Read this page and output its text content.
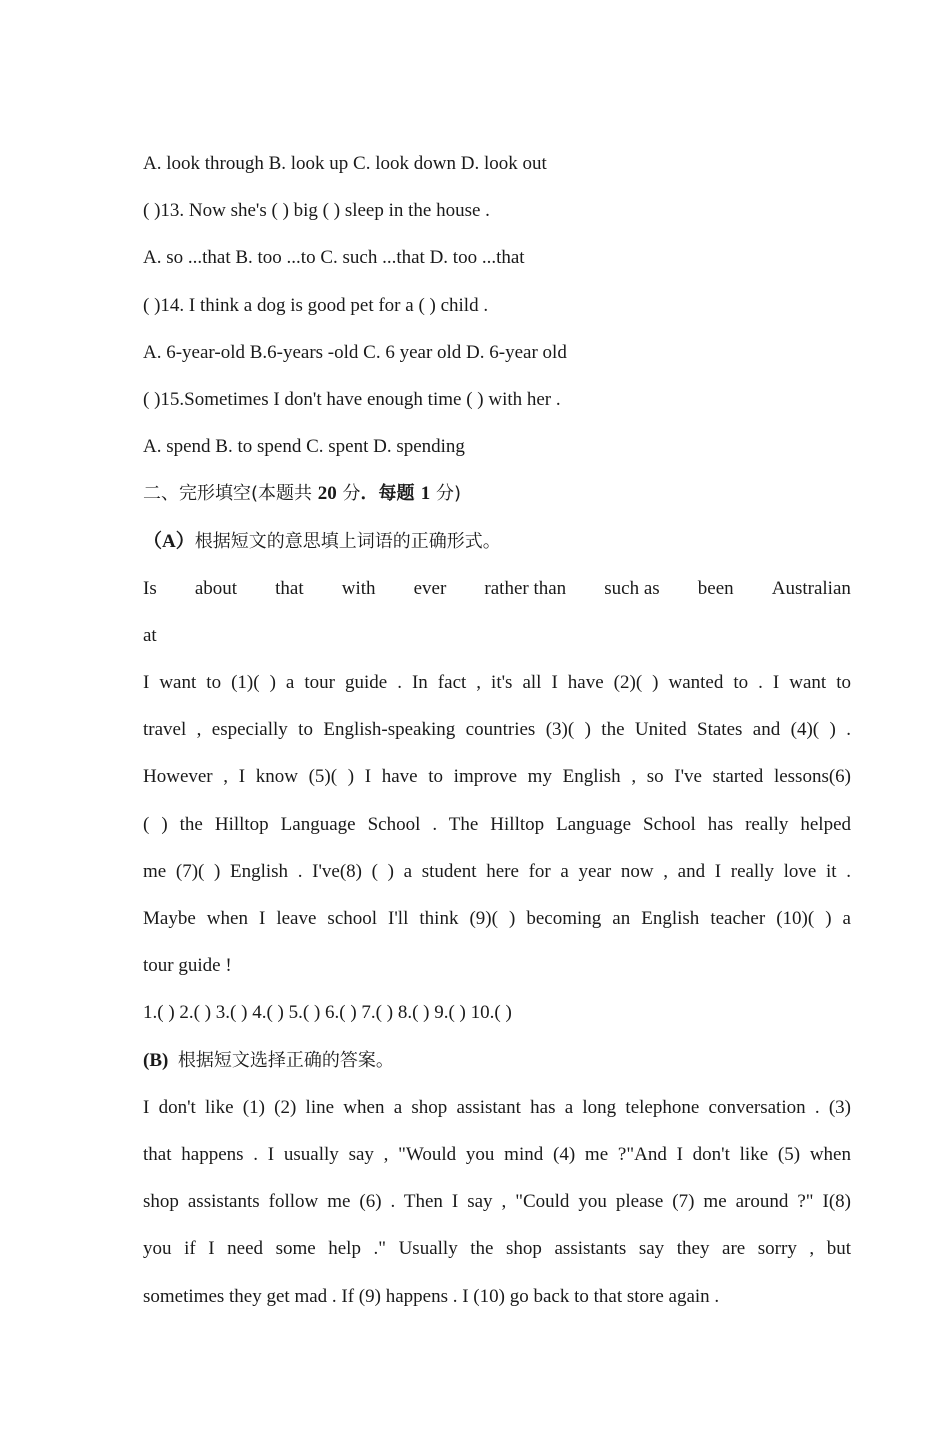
A. look through B. look up C. look down D. look out
( )13. Now she's ( ) big ( ) sleep in the house .
A. so ...that B. too ...to C. such ...that D. too ...that
( )14. I think a dog is good pet for a ( ) child .
A. 6-year-old B.6-years -old C. 6 year old D. 6-year old
( )15.Sometimes I don't have enough time ( ) with her .
A. spend B. to spend C. spent D. spending
二、完形填空(本题共 20 分．每题 1 分)
（A）根据短文的意思填上词语的正确形式。
Is about that with ever rather than such as been Australian
at
I want to (1)( ) a tour guide . In fact , it's all I have (2)( ) wanted to . I want to
travel , especially to English-speaking countries (3)( ) the United States and (4)( ) .
However , I know (5)( ) I have to improve my English , so I've started lessons(6)
( ) the Hilltop Language School . The Hilltop Language School has really helped
me (7)( ) English . I've(8) ( ) a student here for a year now , and I really love it .
Maybe when I leave school I'll think (9)( ) becoming an English teacher (10)( ) a
tour guide !
1.( ) 2.( ) 3.( ) 4.( ) 5.( ) 6.( ) 7.( ) 8.( ) 9.( ) 10.( )
(B) 根据短文选择正确的答案。
I don't like (1) (2) line when a shop assistant has a long telephone conversation . (3)
that happens . I usually say , "Would you mind (4) me ?"And I don't like (5) when
shop assistants follow me (6) . Then I say , "Could you please (7) me around ?" I(8)
you if I need some help ." Usually the shop assistants say they are sorry , but
sometimes they get mad . If (9) happens . I (10) go back to that store again .
